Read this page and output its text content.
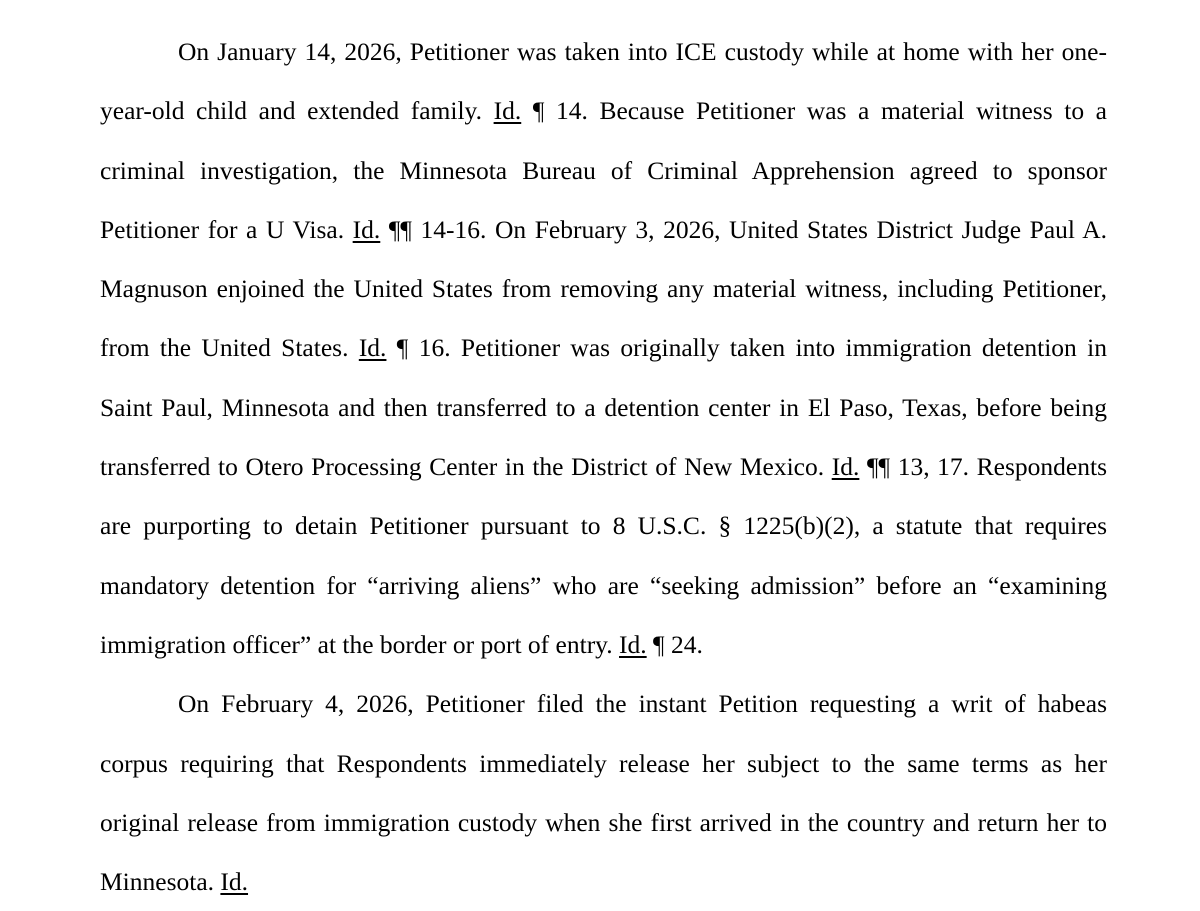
On January 14, 2026, Petitioner was taken into ICE custody while at home with her one-year-old child and extended family. Id. ¶ 14. Because Petitioner was a material witness to a criminal investigation, the Minnesota Bureau of Criminal Apprehension agreed to sponsor Petitioner for a U Visa. Id. ¶¶ 14-16. On February 3, 2026, United States District Judge Paul A. Magnuson enjoined the United States from removing any material witness, including Petitioner, from the United States. Id. ¶ 16. Petitioner was originally taken into immigration detention in Saint Paul, Minnesota and then transferred to a detention center in El Paso, Texas, before being transferred to Otero Processing Center in the District of New Mexico. Id. ¶¶ 13, 17. Respondents are purporting to detain Petitioner pursuant to 8 U.S.C. § 1225(b)(2), a statute that requires mandatory detention for “arriving aliens” who are “seeking admission” before an “examining immigration officer” at the border or port of entry. Id. ¶ 24.

On February 4, 2026, Petitioner filed the instant Petition requesting a writ of habeas corpus requiring that Respondents immediately release her subject to the same terms as her original release from immigration custody when she first arrived in the country and return her to Minnesota. Id.
